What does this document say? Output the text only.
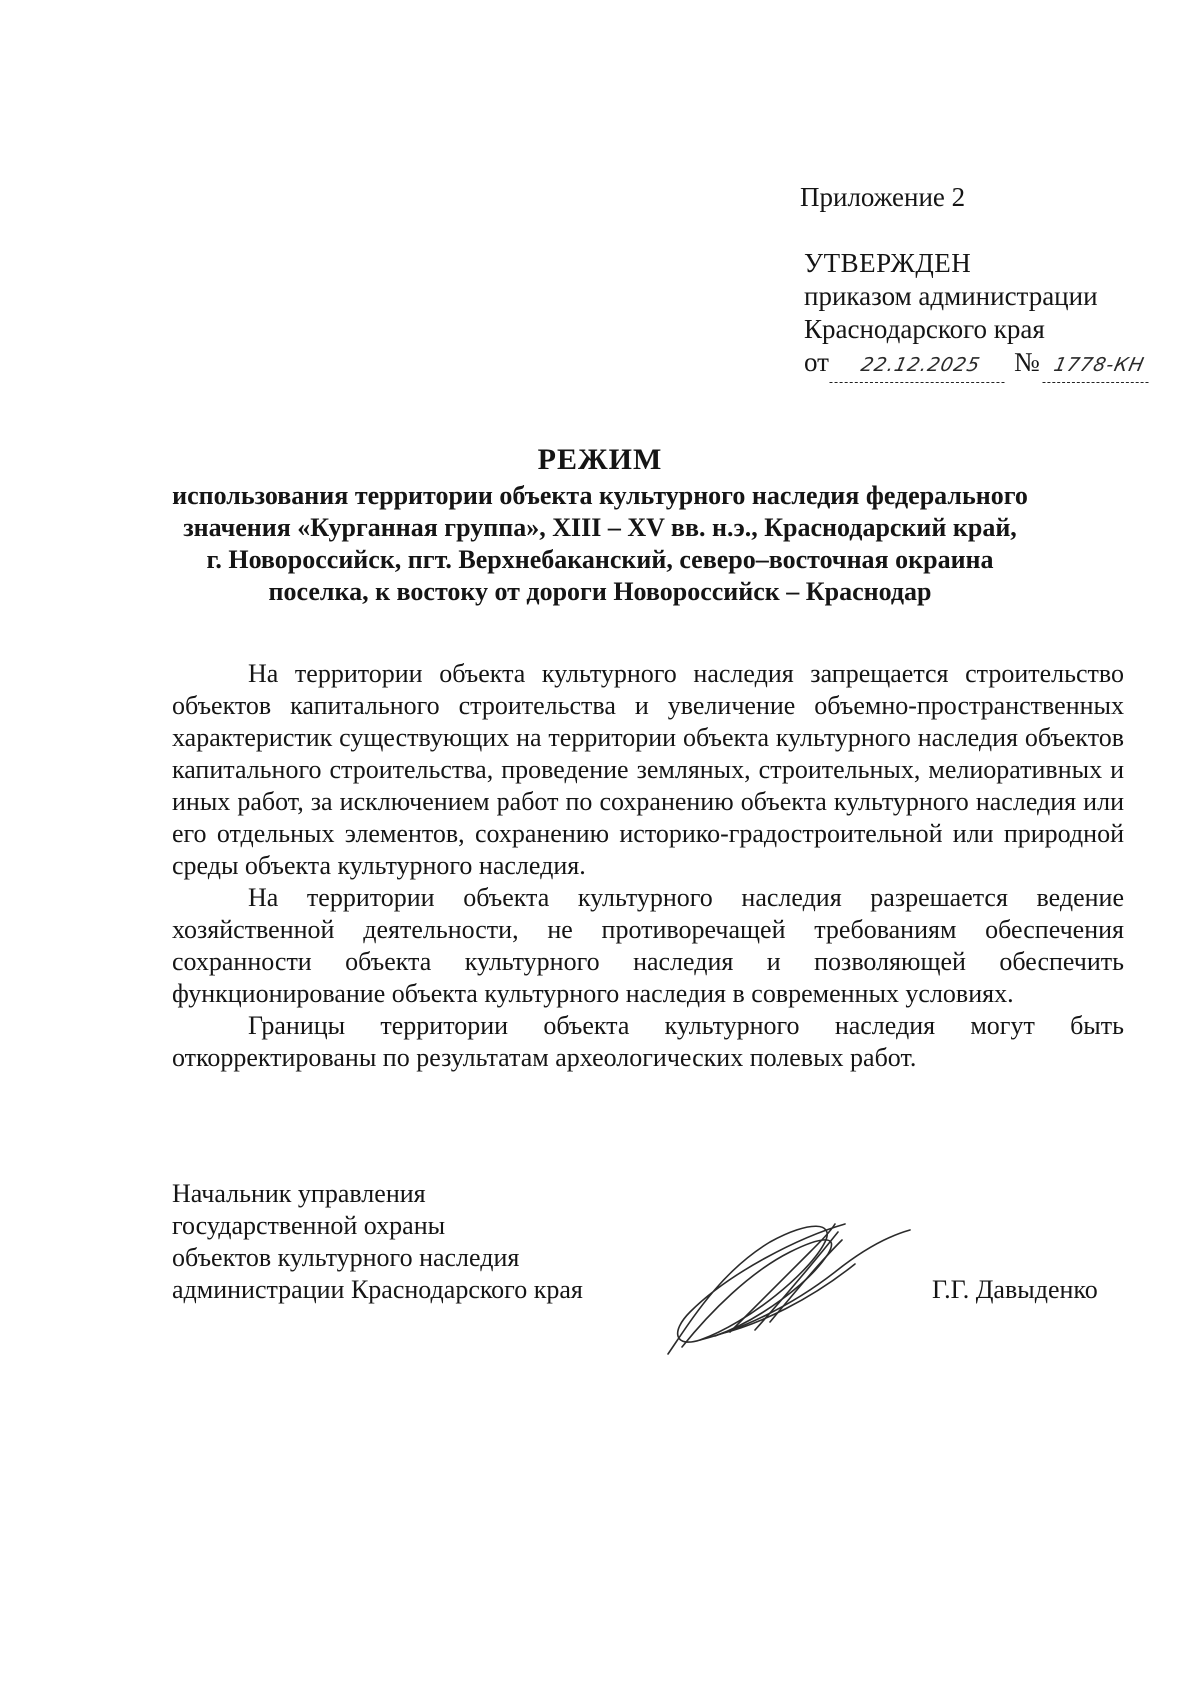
Приложение 2
УТВЕРЖДЕН
приказом администрации
Краснодарского края
от 22.12.2025 № 1778-КН
РЕЖИМ
использования территории объекта культурного наследия федерального
значения «Курганная группа», XIII – XV вв. н.э., Краснодарский край,
г. Новороссийск, пгт. Верхнебаканский, северо–восточная окраина
поселка, к востоку от дороги Новороссийск – Краснодар

На территории объекта культурного наследия запрещается строительство объектов капитального строительства и увеличение объемно-пространственных характеристик существующих на территории объекта культурного наследия объектов капитального строительства, проведение земляных, строительных, мелиоративных и иных работ, за исключением работ по сохранению объекта культурного наследия или его отдельных элементов, сохранению историко-градостроительной или природной среды объекта культурного наследия.

На территории объекта культурного наследия разрешается ведение хозяйственной деятельности, не противоречащей требованиям обеспечения сохранности объекта культурного наследия и позволяющей обеспечить функционирование объекта культурного наследия в современных условиях.

Границы территории объекта культурного наследия могут быть откорректированы по результатам археологических полевых работ.

Начальник управления
государственной охраны
объектов культурного наследия
администрации Краснодарского края	Г.Г. Давыденко
